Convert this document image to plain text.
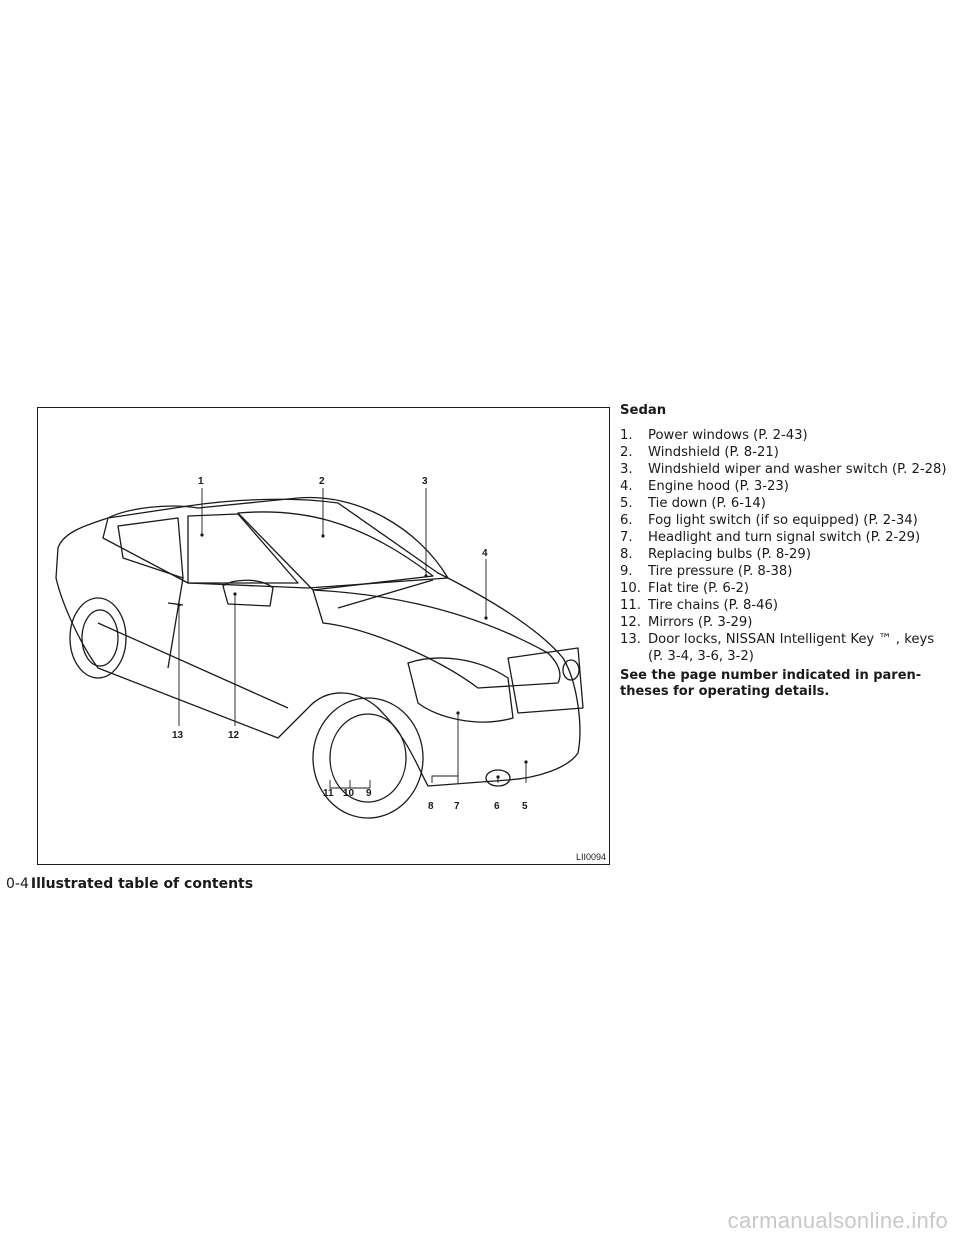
1	2	3
4
5
6
7
8
9
10
11
12
13
LII0094
Sedan
1.	Power windows (P. 2-43)
2.	Windshield (P. 8-21)
3.	Windshield wiper and washer switch (P. 2-28)
4.	Engine hood (P. 3-23)
5.	Tie down (P. 6-14)
6.	Fog light switch (if so equipped) (P. 2-34)
7.	Headlight and turn signal switch (P. 2-29)
8.	Replacing bulbs (P. 8-29)
9.	Tire pressure (P. 8-38)
10. Flat tire (P. 6-2)
11. Tire chains (P. 8-46)
12. Mirrors (P. 3-29)
13. Door locks, NISSAN Intelligent Key ™ , keys (P. 3-4, 3-6, 3-2)
See the page number indicated in paren- theses for operating details.
0-4 Illustrated table of contents
carmanualsonline.info
